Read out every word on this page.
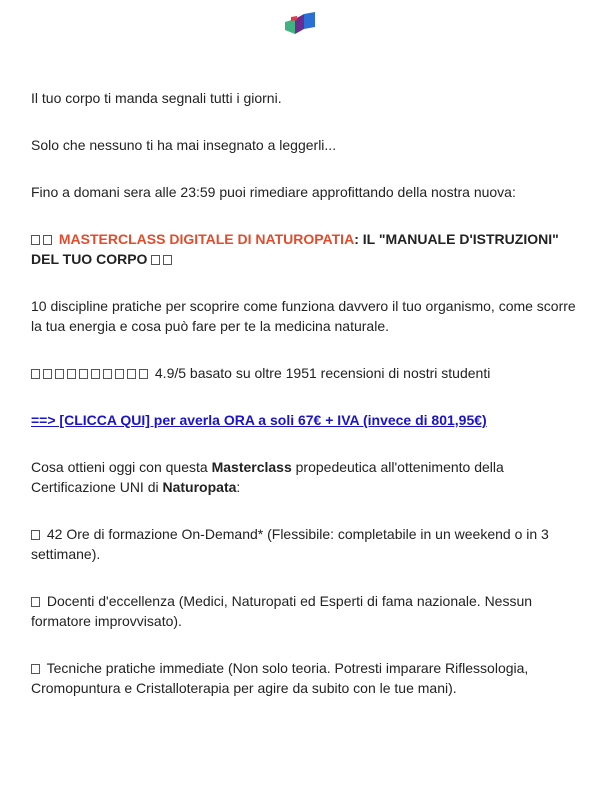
Il tuo corpo ti manda segnali tutti i giorni.

Solo che nessuno ti ha mai insegnato a leggerli...

Fino a domani sera alle 23:59 puoi rimediare approfittando della nostra nuova:

MASTERCLASS DIGITALE DI NATUROPATIA: IL "MANUALE D'ISTRUZIONI" DEL TUO CORPO

10 discipline pratiche per scoprire come funziona davvero il tuo organismo, come scorre la tua energia e cosa può fare per te la medicina naturale.

4.9/5 basato su oltre 1951 recensioni di nostri studenti

==> [CLICCA QUI] per averla ORA a soli 67€ + IVA (invece di 801,95€)

Cosa ottieni oggi con questa Masterclass propedeutica all'ottenimento della Certificazione UNI di Naturopata:

42 Ore di formazione On-Demand* (Flessibile: completabile in un weekend o in 3 settimane).

Docenti d'eccellenza (Medici, Naturopati ed Esperti di fama nazionale. Nessun formatore improvvisato).

Tecniche pratiche immediate (Non solo teoria. Potresti imparare Riflessologia, Cromopuntura e Cristalloterapia per agire da subito con le tue mani).
